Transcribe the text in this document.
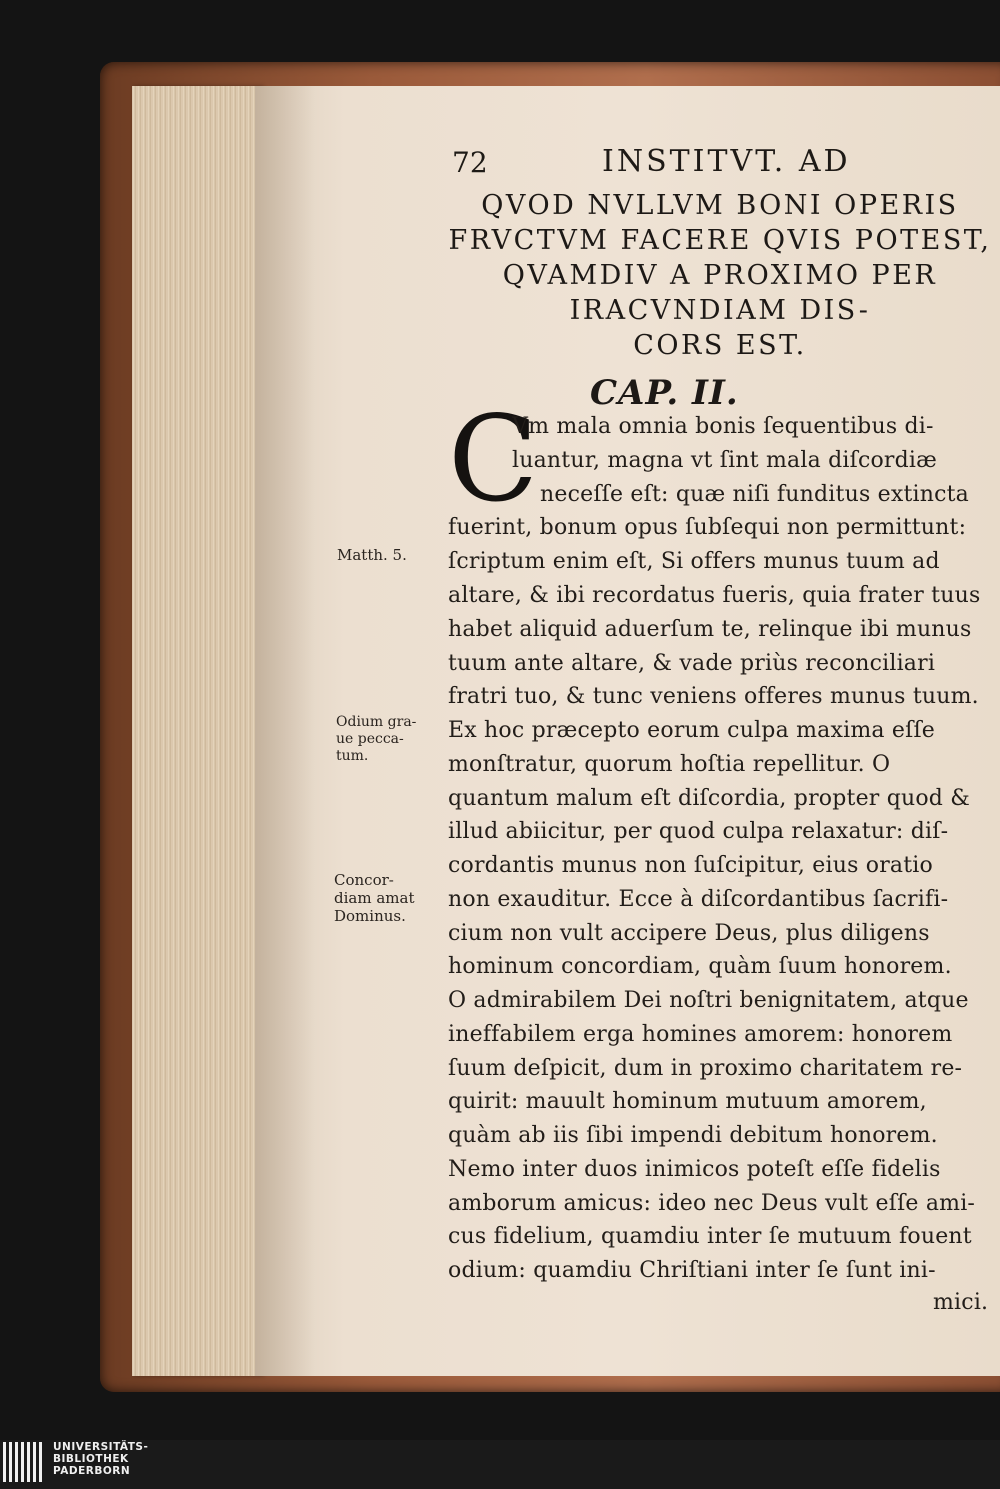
72	INSTITVT. AD
QVOD NVLLVM BONI OPERIS
FRVCTVM FACERE QVIS POTEST,
QVAMDIV A PROXIMO PER
IRACVNDIAM DIS-
CORS EST.
CAP. II.
C
Vm mala omnia bonis ſequentibus di-
luantur, magna vt ſint mala diſcordiæ
neceſſe eſt: quæ niſi funditus extincta
fuerint, bonum opus ſubſequi non permittunt:
ſcriptum enim eſt, Si offers munus tuum ad
altare, & ibi recordatus fueris, quia frater tuus
habet aliquid aduerſum te, relinque ibi munus
tuum ante altare, & vade priùs reconciliari
fratri tuo, & tunc veniens offeres munus tuum.
Ex hoc præcepto eorum culpa maxima eſſe
monſtratur, quorum hoſtia repellitur. O
quantum malum eſt diſcordia, propter quod &
illud abiicitur, per quod culpa relaxatur: diſ-
cordantis munus non ſuſcipitur, eius oratio
non exauditur. Ecce à diſcordantibus ſacrifi-
cium non vult accipere Deus, plus diligens
hominum concordiam, quàm ſuum honorem.
O admirabilem Dei noſtri benignitatem, atque
ineffabilem erga homines amorem: honorem
ſuum deſpicit, dum in proximo charitatem re-
quirit: mauult hominum mutuum amorem,
quàm ab iis ſibi impendi debitum honorem.
Nemo inter duos inimicos poteſt eſſe fidelis
amborum amicus: ideo nec Deus vult eſſe ami-
cus fidelium, quamdiu inter ſe mutuum fouent
odium: quamdiu Chriſtiani inter ſe ſunt ini-
mici.
Matth. 5.
Odium gra-
ue pecca-
tum.
Concor-
diam amat
Dominus.
UNIVERSITÄTS-
BIBLIOTHEK
PADERBORN
